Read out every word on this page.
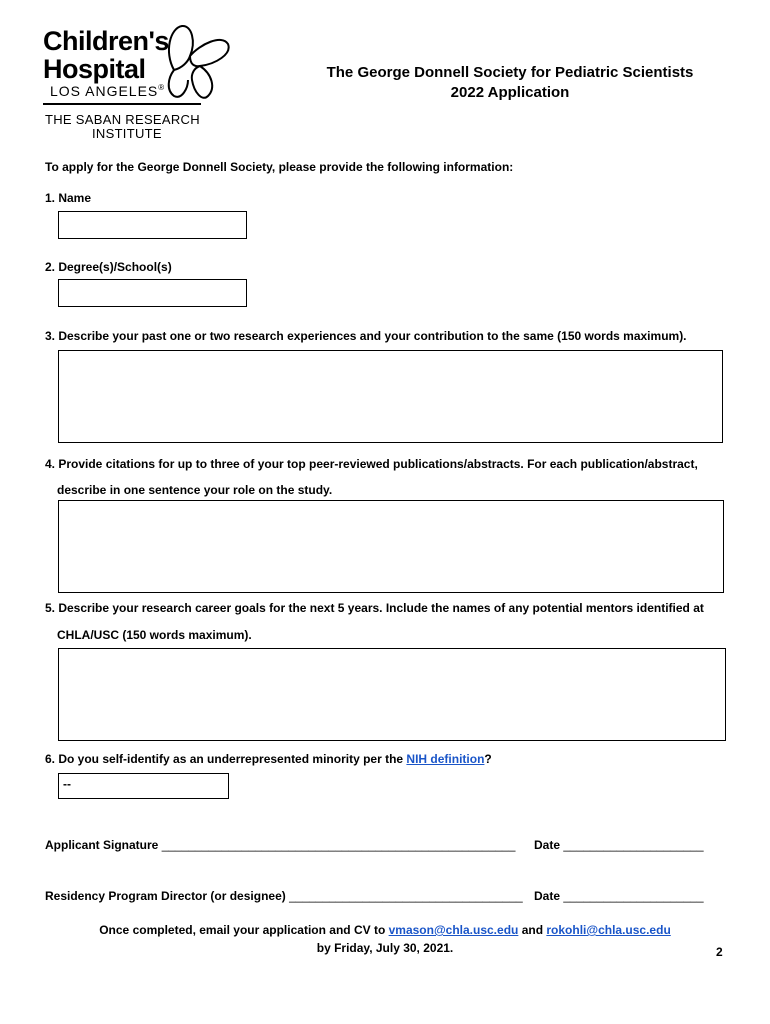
Children's
Hospital
LOS ANGELES®
THE SABAN RESEARCH
INSTITUTE
The George Donnell Society for Pediatric Scientists
2022 Application
To apply for the George Donnell Society, please provide the following information:
1. Name
2. Degree(s)/School(s)
3. Describe your past one or two research experiences and your contribution to the same (150 words maximum).
4. Provide citations for up to three of your top peer-reviewed publications/abstracts. For each publication/abstract,
describe in one sentence your role on the study.
5. Describe your research career goals for the next 5 years. Include the names of any potential mentors identified at
CHLA/USC (150 words maximum).
6. Do you self-identify as an underrepresented minority per the NIH definition?
--
Applicant Signature _____________________________________________________ Date _____________________
Residency Program Director (or designee) ___________________________________ Date _____________________
Once completed, email your application and CV to vmason@chla.usc.edu and rokohli@chla.usc.edu
by Friday, July 30, 2021.	2
